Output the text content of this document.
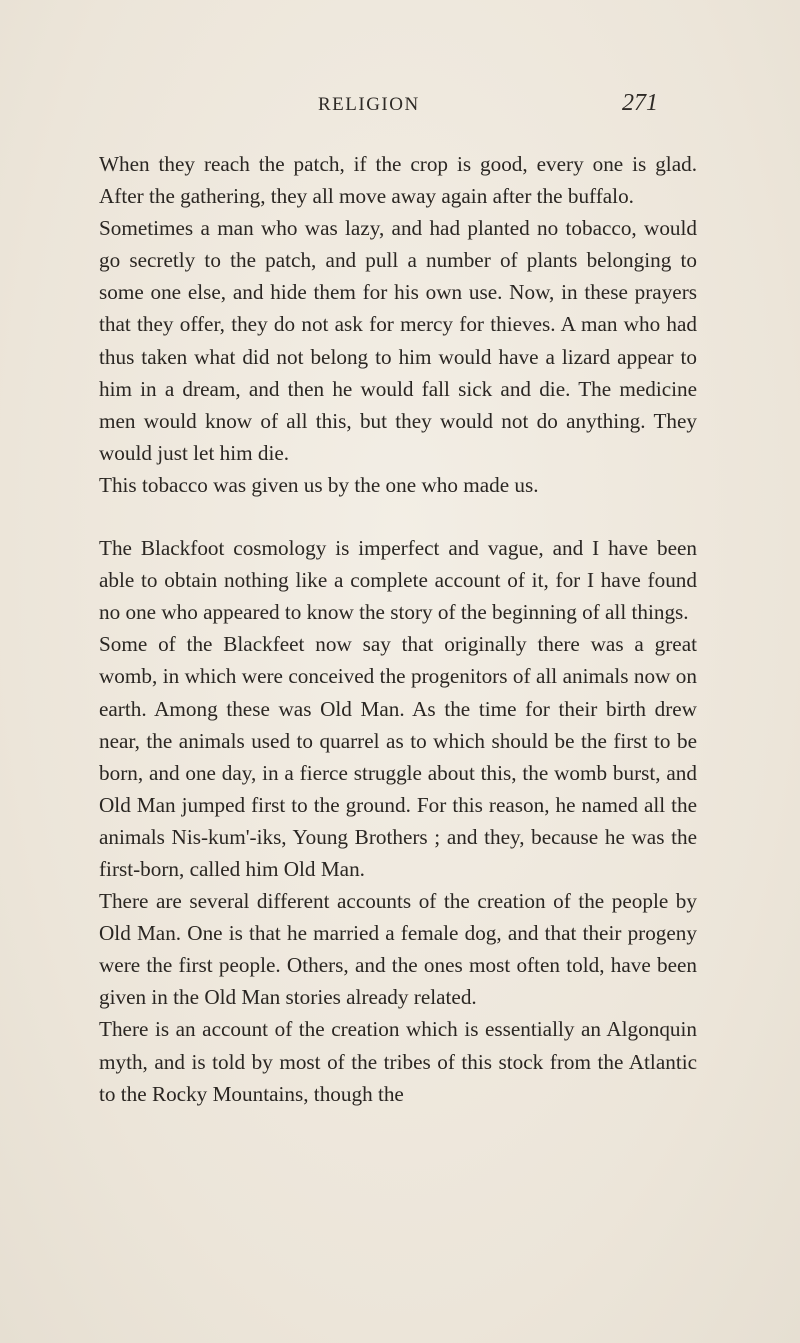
RELIGION	271

When they reach the patch, if the crop is good, every one is glad. After the gathering, they all move away again after the buffalo.

Sometimes a man who was lazy, and had planted no tobacco, would go secretly to the patch, and pull a number of plants belonging to some one else, and hide them for his own use. Now, in these prayers that they offer, they do not ask for mercy for thieves. A man who had thus taken what did not belong to him would have a lizard appear to him in a dream, and then he would fall sick and die. The medicine men would know of all this, but they would not do anything. They would just let him die.

This tobacco was given us by the one who made us.

The Blackfoot cosmology is imperfect and vague, and I have been able to obtain nothing like a complete account of it, for I have found no one who appeared to know the story of the beginning of all things.

Some of the Blackfeet now say that originally there was a great womb, in which were conceived the progenitors of all animals now on earth. Among these was Old Man. As the time for their birth drew near, the animals used to quarrel as to which should be the first to be born, and one day, in a fierce struggle about this, the womb burst, and Old Man jumped first to the ground. For this reason, he named all the animals Nis-kum'-iks, Young Brothers ; and they, because he was the first-born, called him Old Man.

There are several different accounts of the creation of the people by Old Man. One is that he married a female dog, and that their progeny were the first people. Others, and the ones most often told, have been given in the Old Man stories already related.

There is an account of the creation which is essentially an Algonquin myth, and is told by most of the tribes of this stock from the Atlantic to the Rocky Mountains, though the
